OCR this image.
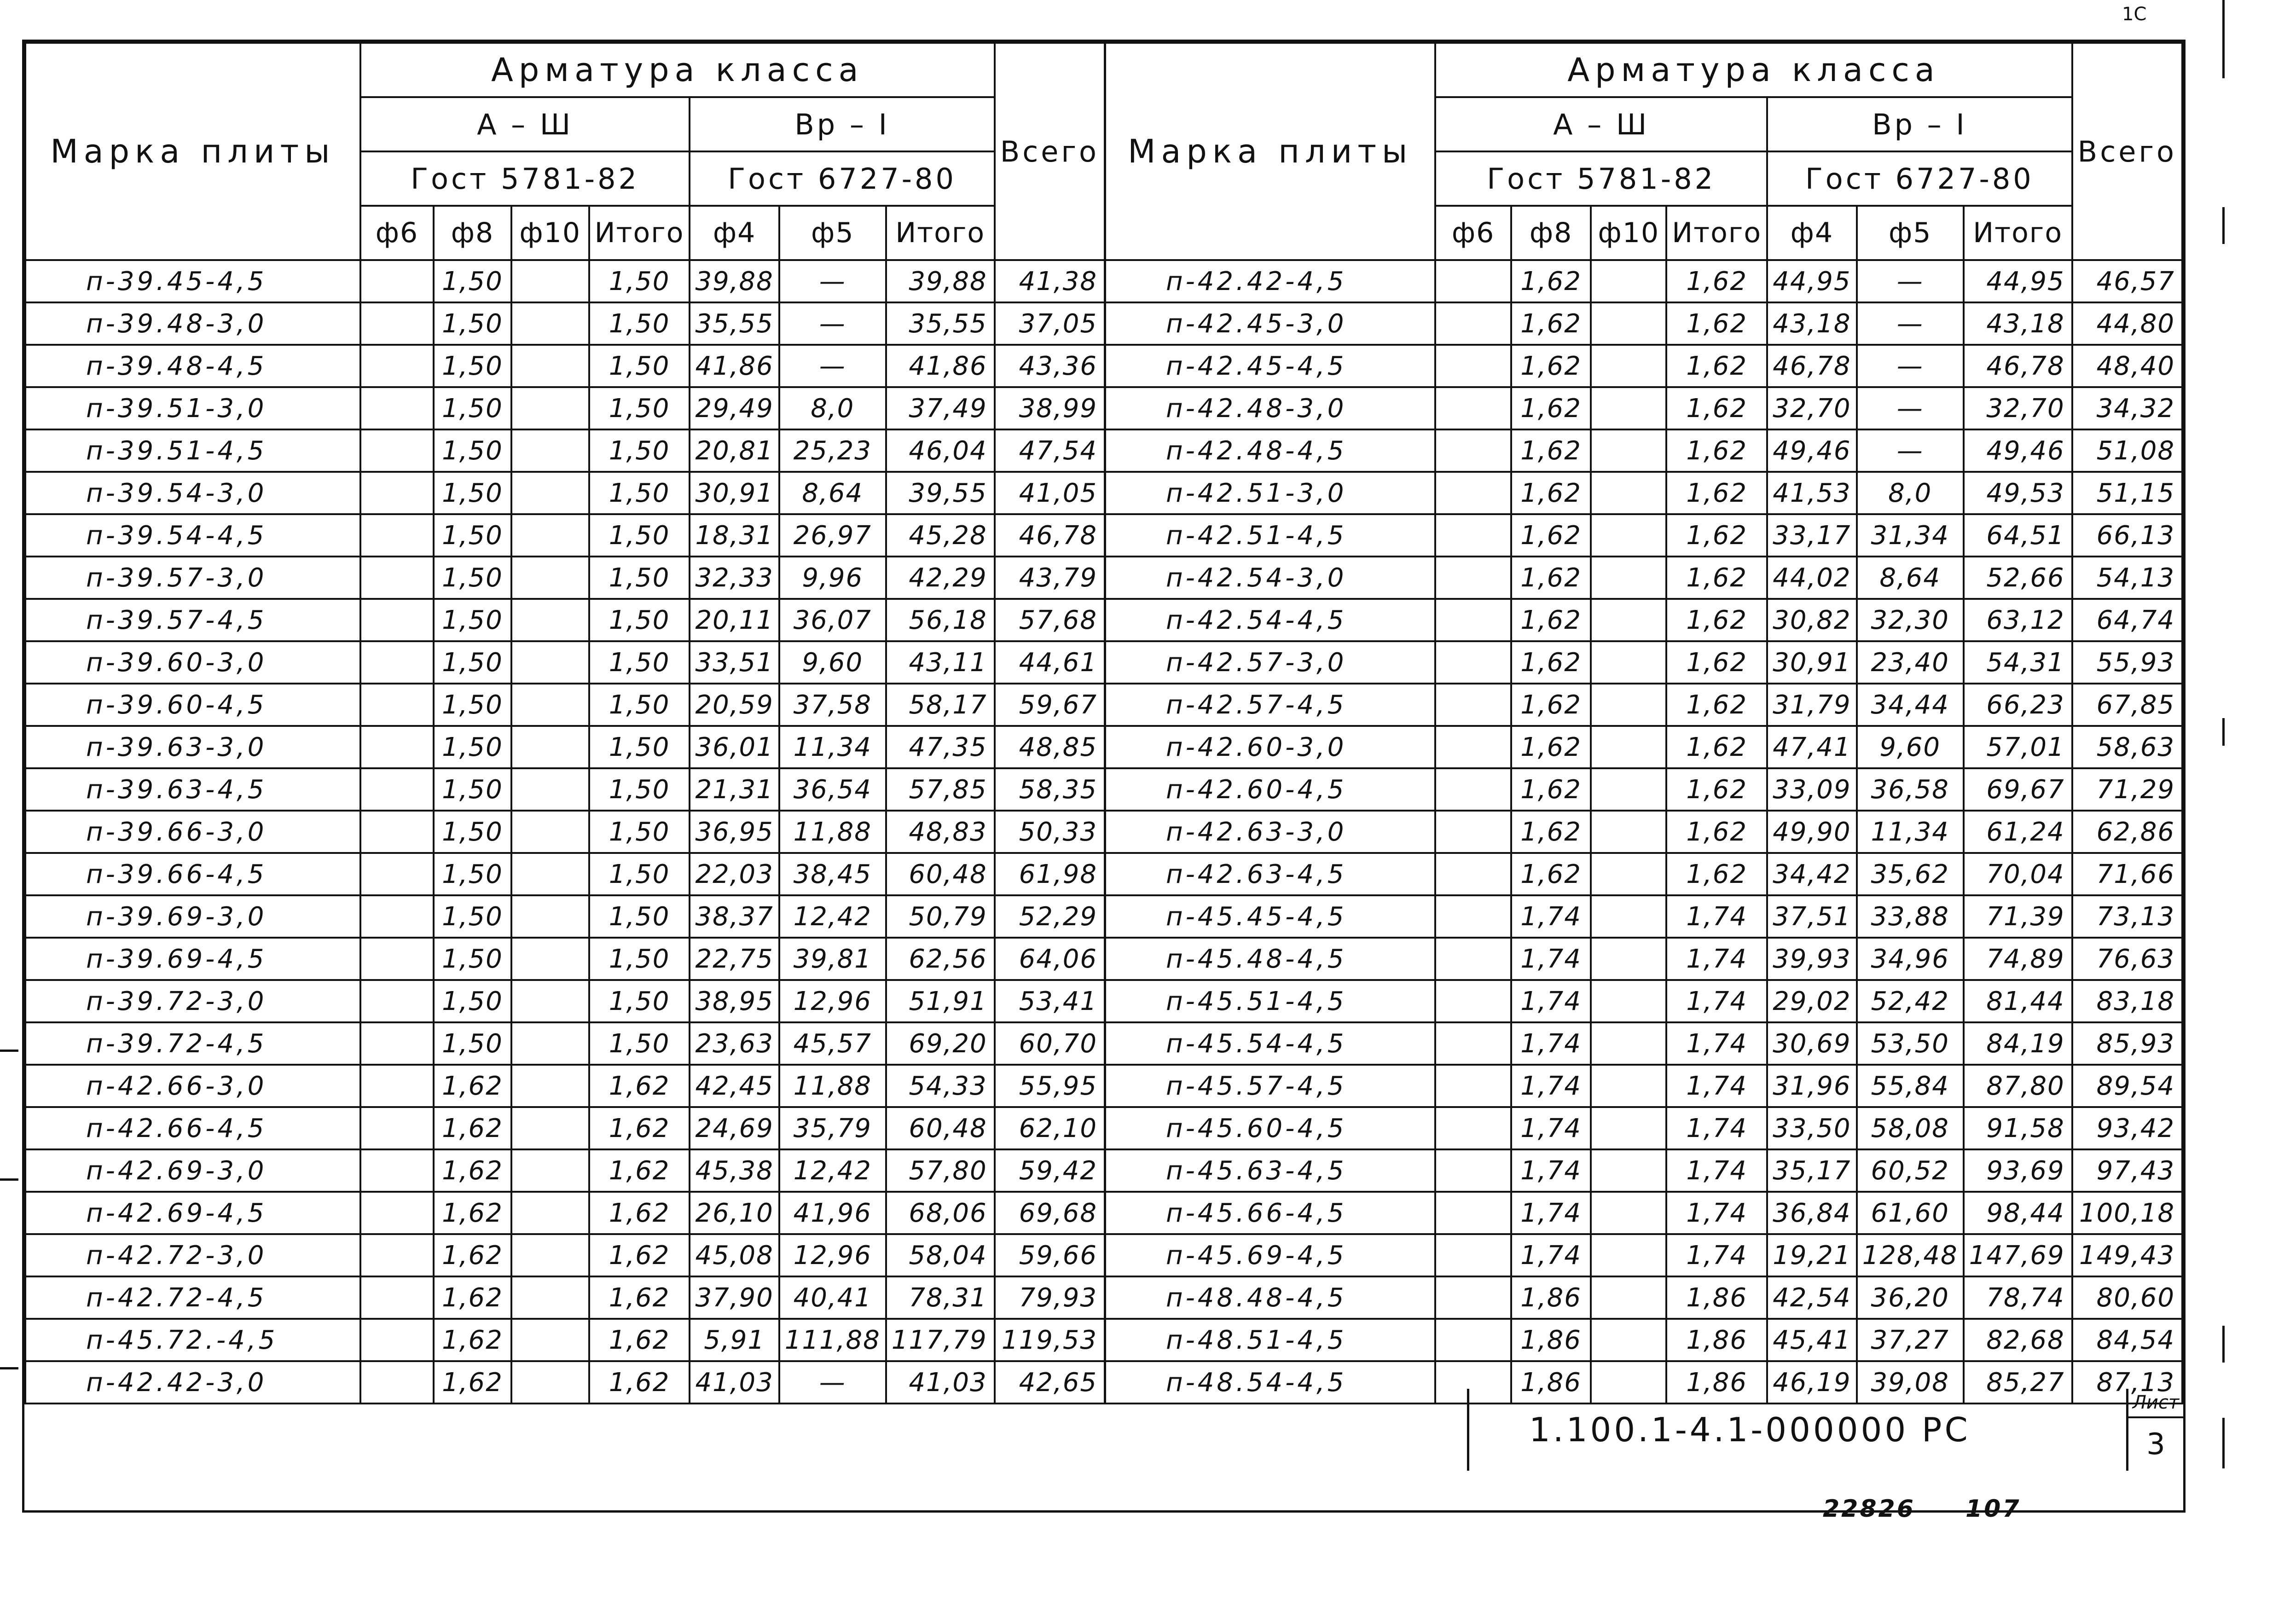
Марка плиты	Арматура класса							Всего	Марка плиты	Арматура класса							Всего
	А – Ш				Вр – I					А – Ш				Вр – I			
	Гост 5781-82				Гост 6727-80					Гост 5781-82				Гост 6727-80			
	ф6	ф8	ф10	Итого	ф4	ф5	Итого			ф6	ф8	ф10	Итого	ф4	ф5	Итого	
п-39.45-4,5		1,50		1,50	39,88	—	39,88	41,38	п-42.42-4,5		1,62		1,62	44,95	—	44,95	46,57
п-39.48-3,0		1,50		1,50	35,55	—	35,55	37,05	п-42.45-3,0		1,62		1,62	43,18	—	43,18	44,80
п-39.48-4,5		1,50		1,50	41,86	—	41,86	43,36	п-42.45-4,5		1,62		1,62	46,78	—	46,78	48,40
п-39.51-3,0		1,50		1,50	29,49	8,0	37,49	38,99	п-42.48-3,0		1,62		1,62	32,70	—	32,70	34,32
п-39.51-4,5		1,50		1,50	20,81	25,23	46,04	47,54	п-42.48-4,5		1,62		1,62	49,46	—	49,46	51,08
п-39.54-3,0		1,50		1,50	30,91	8,64	39,55	41,05	п-42.51-3,0		1,62		1,62	41,53	8,0	49,53	51,15
п-39.54-4,5		1,50		1,50	18,31	26,97	45,28	46,78	п-42.51-4,5		1,62		1,62	33,17	31,34	64,51	66,13
п-39.57-3,0		1,50		1,50	32,33	9,96	42,29	43,79	п-42.54-3,0		1,62		1,62	44,02	8,64	52,66	54,13
п-39.57-4,5		1,50		1,50	20,11	36,07	56,18	57,68	п-42.54-4,5		1,62		1,62	30,82	32,30	63,12	64,74
п-39.60-3,0		1,50		1,50	33,51	9,60	43,11	44,61	п-42.57-3,0		1,62		1,62	30,91	23,40	54,31	55,93
п-39.60-4,5		1,50		1,50	20,59	37,58	58,17	59,67	п-42.57-4,5		1,62		1,62	31,79	34,44	66,23	67,85
п-39.63-3,0		1,50		1,50	36,01	11,34	47,35	48,85	п-42.60-3,0		1,62		1,62	47,41	9,60	57,01	58,63
п-39.63-4,5		1,50		1,50	21,31	36,54	57,85	58,35	п-42.60-4,5		1,62		1,62	33,09	36,58	69,67	71,29
п-39.66-3,0		1,50		1,50	36,95	11,88	48,83	50,33	п-42.63-3,0		1,62		1,62	49,90	11,34	61,24	62,86
п-39.66-4,5		1,50		1,50	22,03	38,45	60,48	61,98	п-42.63-4,5		1,62		1,62	34,42	35,62	70,04	71,66
п-39.69-3,0		1,50		1,50	38,37	12,42	50,79	52,29	п-45.45-4,5		1,74		1,74	37,51	33,88	71,39	73,13
п-39.69-4,5		1,50		1,50	22,75	39,81	62,56	64,06	п-45.48-4,5		1,74		1,74	39,93	34,96	74,89	76,63
п-39.72-3,0		1,50		1,50	38,95	12,96	51,91	53,41	п-45.51-4,5		1,74		1,74	29,02	52,42	81,44	83,18
п-39.72-4,5		1,50		1,50	23,63	45,57	69,20	60,70	п-45.54-4,5		1,74		1,74	30,69	53,50	84,19	85,93
п-42.66-3,0		1,62		1,62	42,45	11,88	54,33	55,95	п-45.57-4,5		1,74		1,74	31,96	55,84	87,80	89,54
п-42.66-4,5		1,62		1,62	24,69	35,79	60,48	62,10	п-45.60-4,5		1,74		1,74	33,50	58,08	91,58	93,42
п-42.69-3,0		1,62		1,62	45,38	12,42	57,80	59,42	п-45.63-4,5		1,74		1,74	35,17	60,52	93,69	97,43
п-42.69-4,5		1,62		1,62	26,10	41,96	68,06	69,68	п-45.66-4,5		1,74		1,74	36,84	61,60	98,44	100,18
п-42.72-3,0		1,62		1,62	45,08	12,96	58,04	59,66	п-45.69-4,5		1,74		1,74	19,21	128,48	147,69	149,43
п-42.72-4,5		1,62		1,62	37,90	40,41	78,31	79,93	п-48.48-4,5		1,86		1,86	42,54	36,20	78,74	80,60
п-45.72.-4,5		1,62		1,62	5,91	111,88	117,79	119,53	п-48.51-4,5		1,86		1,86	45,41	37,27	82,68	84,54
п-42.42-3,0		1,62		1,62	41,03	—	41,03	42,65	п-48.54-4,5		1,86		1,86	46,19	39,08	85,27	87,13
1.100.1-4.1-000000 РС
Лист
3
22826 107
1С
